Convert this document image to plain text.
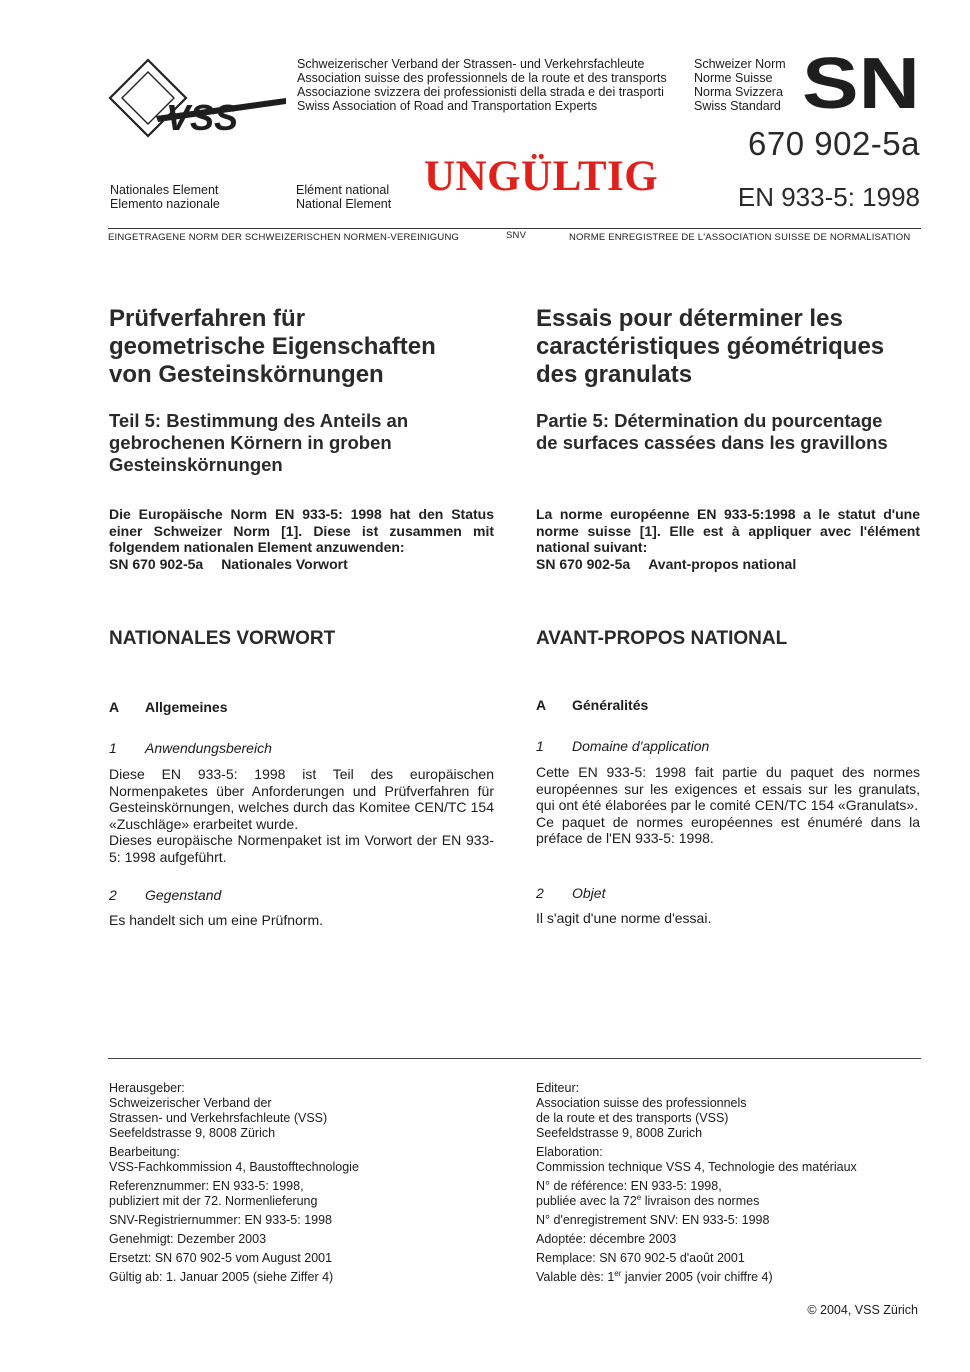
VSS
Schweizerischer Verband der Strassen- und Verkehrsfachleute
Association suisse des professionnels de la route et des transports
Associazione svizzera dei professionisti della strada e dei trasporti
Swiss Association of Road and Transportation Experts
Schweizer Norm
Norme Suisse
Norma Svizzera
Swiss Standard SN
670 902-5a
EN 933-5: 1998
UNGÜLTIG
Nationales Element
Elemento nazionale
Elément national
National Element
EINGETRAGENE NORM DER SCHWEIZERISCHEN NORMEN-VEREINIGUNG	SNV	NORME ENREGISTREE DE L'ASSOCIATION SUISSE DE NORMALISATION
Prüfverfahren für
geometrische Eigenschaften
von Gesteinskörnungen
Teil 5: Bestimmung des Anteils an
gebrochenen Körnern in groben
Gesteinskörnungen
Die Europäische Norm EN 933-5: 1998 hat den Status einer Schweizer Norm [1]. Diese ist zusammen mit folgendem nationalen Element anzuwenden:
SN 670 902-5a Nationales Vorwort
NATIONALES VORWORT
A Allgemeines
1 Anwendungsbereich

Diese EN 933-5: 1998 ist Teil des europäischen Normenpaketes über Anforderungen und Prüfverfahren für Gesteinskörnungen, welches durch das Komitee CEN/TC 154 «Zuschläge» erarbeitet wurde.

Dieses europäische Normenpaket ist im Vorwort der EN 933-5: 1998 aufgeführt.

2 Gegenstand

Es handelt sich um eine Prüfnorm.

Essais pour déterminer les
caractéristiques géométriques
des granulats
Partie 5: Détermination du pourcentage
de surfaces cassées dans les gravillons
La norme européenne EN 933-5:1998 a le statut d'une norme suisse [1]. Elle est à appliquer avec l'élément national suivant:
SN 670 902-5a Avant-propos national
AVANT-PROPOS NATIONAL
A Généralités
1 Domaine d'application

Cette EN 933-5: 1998 fait partie du paquet des normes européennes sur les exigences et essais sur les granulats, qui ont été élaborées par le comité CEN/TC 154 «Granulats».

Ce paquet de normes européennes est énuméré dans la préface de l'EN 933-5: 1998.

2 Objet

Il s'agit d'une norme d'essai.

Herausgeber:
Schweizerischer Verband der
Strassen- und Verkehrsfachleute (VSS)
Seefeldstrasse 9, 8008 Zürich
Bearbeitung:
VSS-Fachkommission 4, Baustofftechnologie
Referenznummer: EN 933-5: 1998,
publiziert mit der 72. Normenlieferung
SNV-Registriernummer: EN 933-5: 1998
Genehmigt: Dezember 2003
Ersetzt: SN 670 902-5 vom August 2001
Gültig ab: 1. Januar 2005 (siehe Ziffer 4)
Editeur:
Association suisse des professionnels
de la route et des transports (VSS)
Seefeldstrasse 9, 8008 Zurich
Elaboration:
Commission technique VSS 4, Technologie des matériaux
N° de référence: EN 933-5: 1998,
publiée avec la 72e livraison des normes
N° d'enregistrement SNV: EN 933-5: 1998
Adoptée: décembre 2003
Remplace: SN 670 902-5 d'août 2001
Valable dès: 1er janvier 2005 (voir chiffre 4)
© 2004, VSS Zürich
